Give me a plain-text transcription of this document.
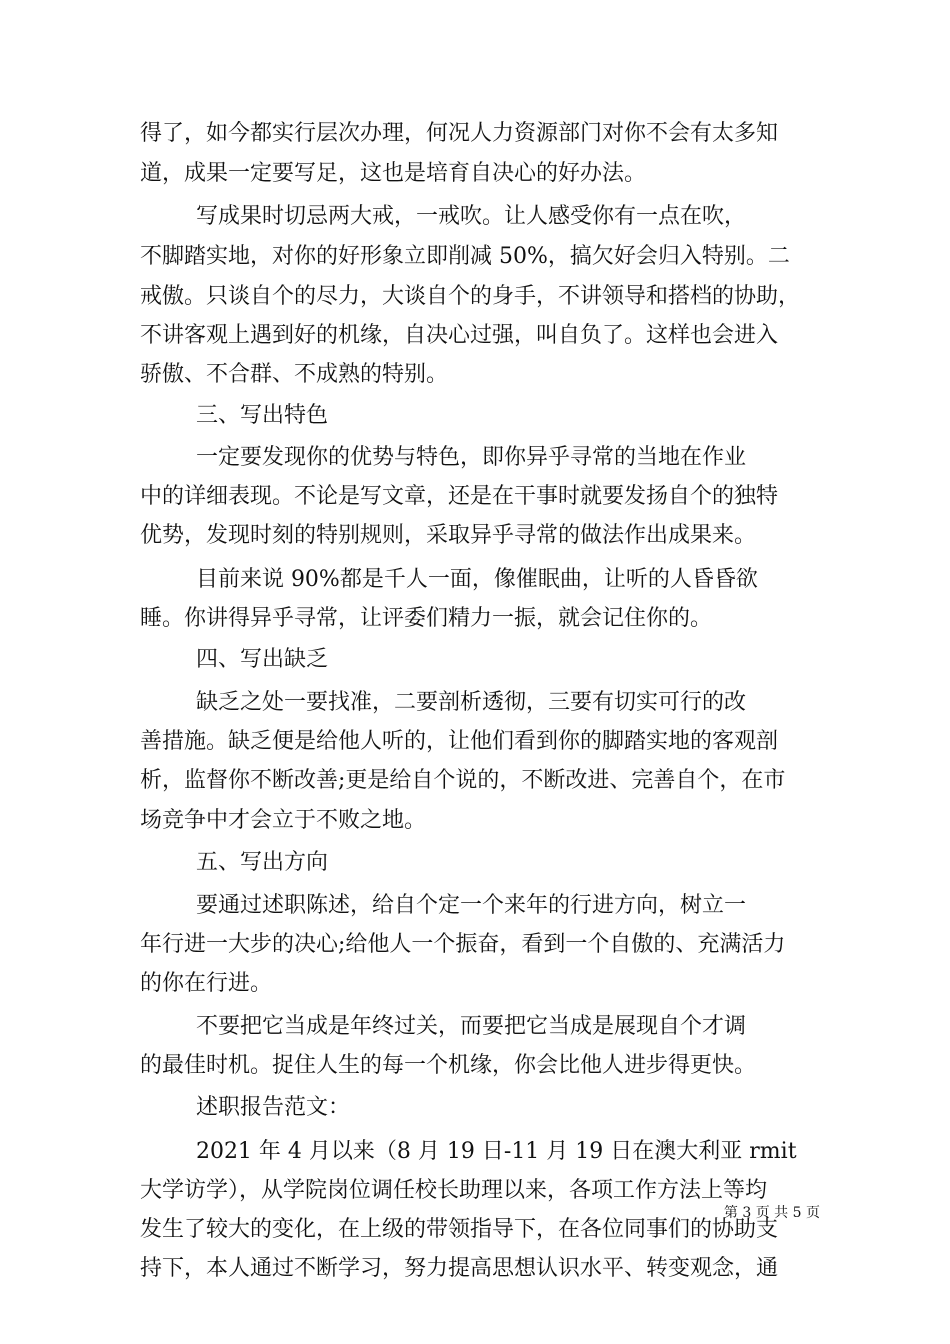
得了，如今都实行层次办理，何况人力资源部门对你不会有太多知
道，成果一定要写足，这也是培育自决心的好办法。
写成果时切忌两大戒，一戒吹。让人感受你有一点在吹，
不脚踏实地，对你的好形象立即削减 50%，搞欠好会归入特别。二
戒傲。只谈自个的尽力，大谈自个的身手，不讲领导和搭档的协助，
不讲客观上遇到好的机缘，自决心过强，叫自负了。这样也会进入
骄傲、不合群、不成熟的特别。
三、写出特色
一定要发现你的优势与特色，即你异乎寻常的当地在作业
中的详细表现。不论是写文章，还是在干事时就要发扬自个的独特
优势，发现时刻的特别规则，采取异乎寻常的做法作出成果来。
目前来说 90%都是千人一面，像催眠曲，让听的人昏昏欲
睡。你讲得异乎寻常，让评委们精力一振，就会记住你的。
四、写出缺乏
缺乏之处一要找准，二要剖析透彻，三要有切实可行的改
善措施。缺乏便是给他人听的，让他们看到你的脚踏实地的客观剖
析，监督你不断改善;更是给自个说的，不断改进、完善自个，在市
场竞争中才会立于不败之地。
五、写出方向
要通过述职陈述，给自个定一个来年的行进方向，树立一
年行进一大步的决心;给他人一个振奋，看到一个自傲的、充满活力
的你在行进。
不要把它当成是年终过关，而要把它当成是展现自个才调
的最佳时机。捉住人生的每一个机缘，你会比他人进步得更快。
述职报告范文：
2021 年 4 月以来（8 月 19 日-11 月 19 日在澳大利亚 rmit
大学访学），从学院岗位调任校长助理以来，各项工作方法上等均
发生了较大的变化，在上级的带领指导下，在各位同事们的协助支
持下，本人通过不断学习，努力提高思想认识水平、转变观念，通
第 3 页 共 5 页
